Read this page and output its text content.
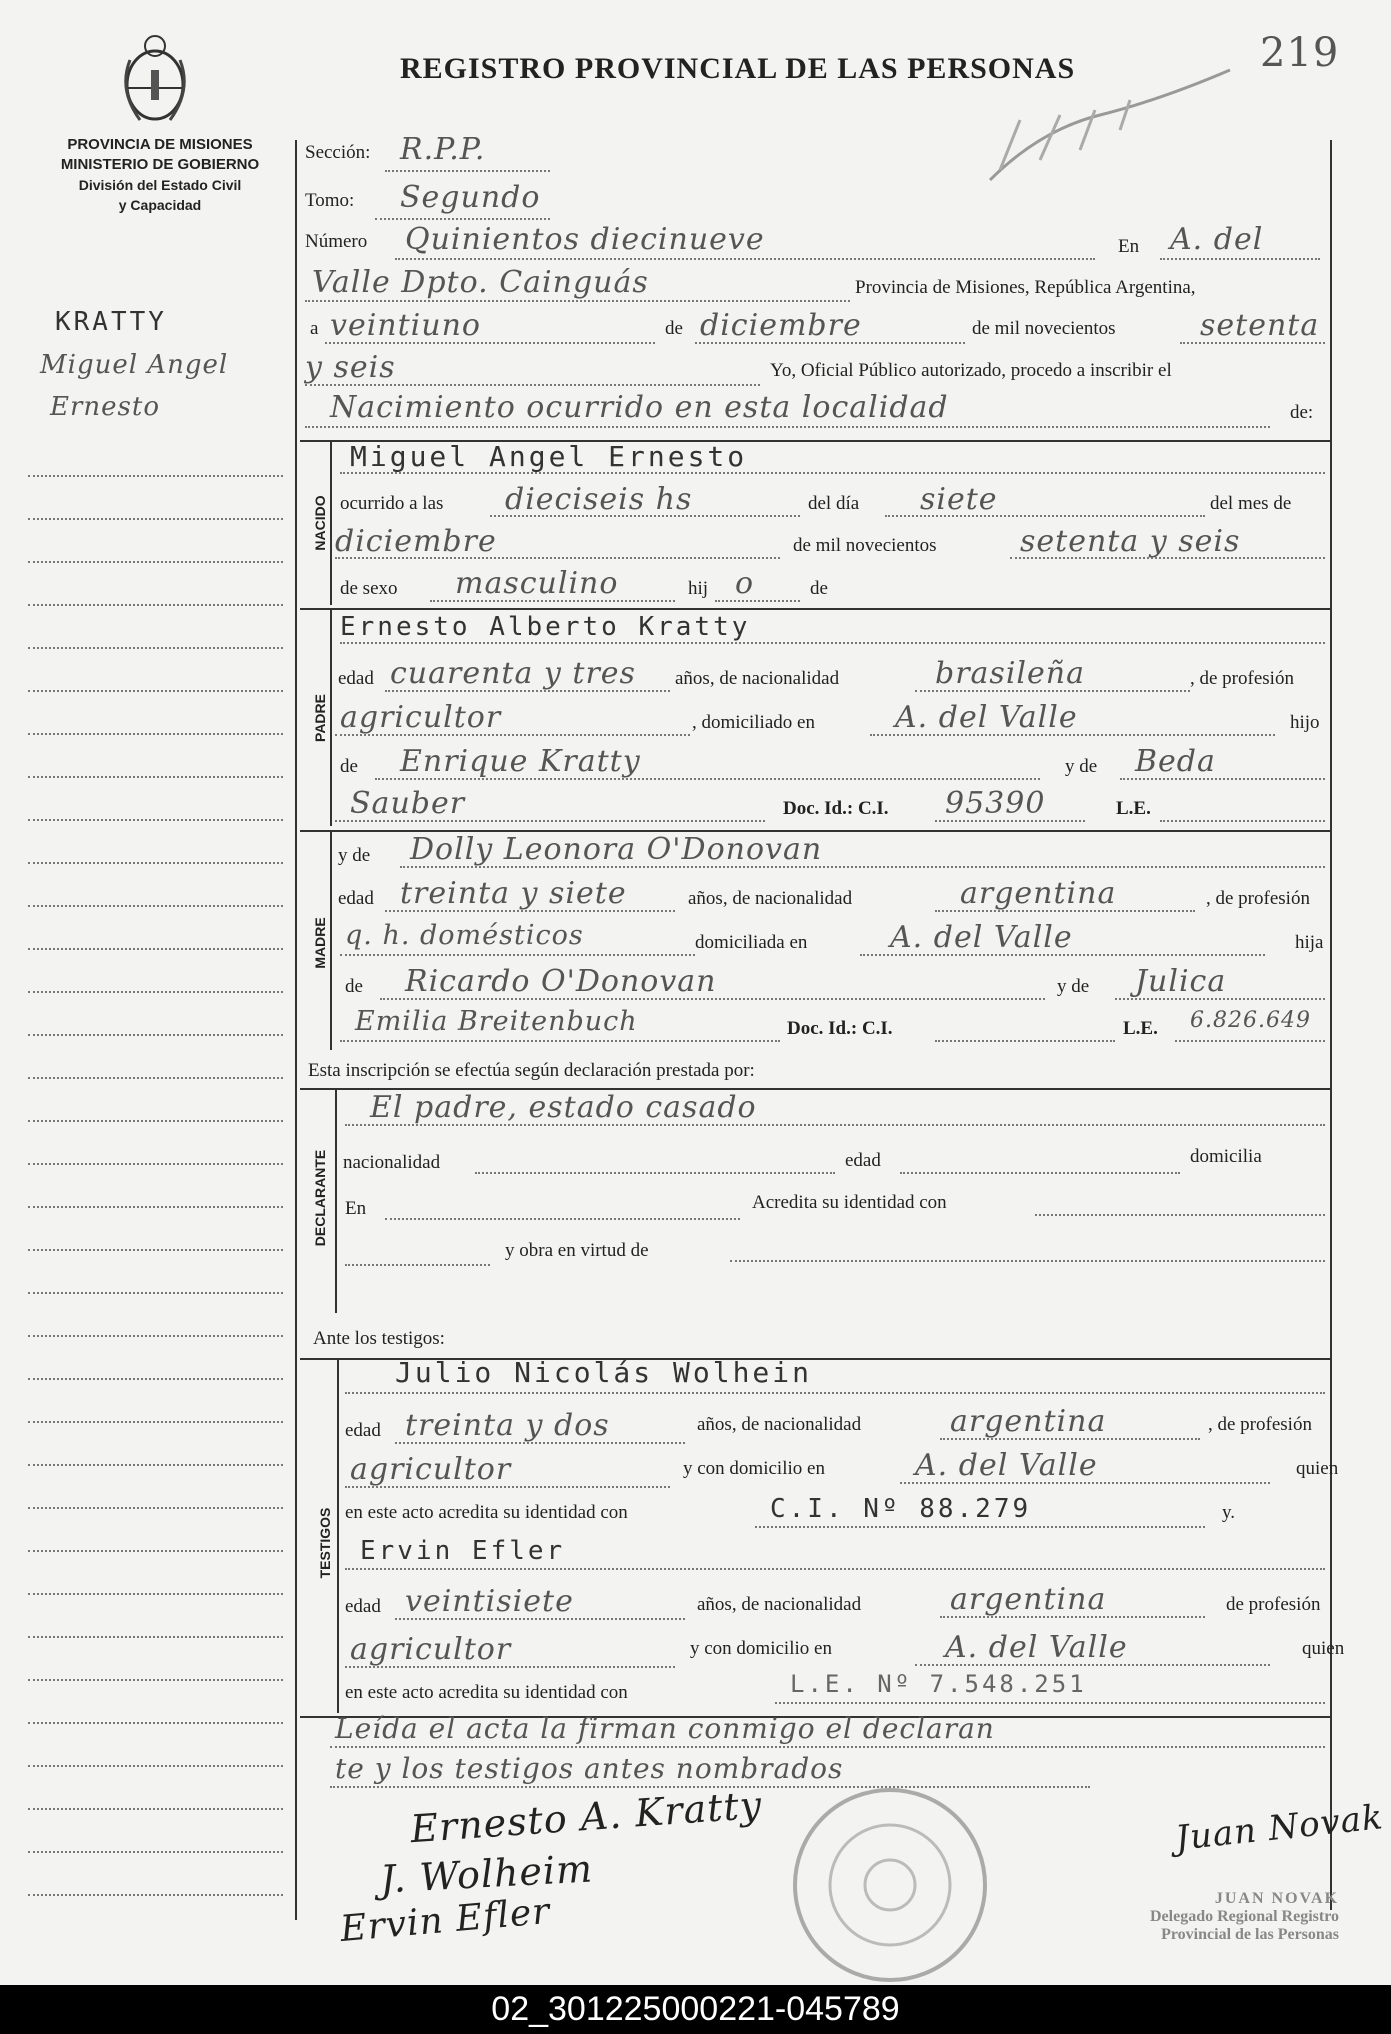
REGISTRO PROVINCIAL DE LAS PERSONAS	219
PROVINCIA DE MISIONES
MINISTERIO DE GOBIERNO
División del Estado Civil
y Capacidad
KRATTY
Miguel Angel
Ernesto
Sección: R.P.P.
Tomo: Segundo
Número Quinientos diecinueve	En A. del
Valle Dpto. Cainguás	Provincia de Misiones, República Argentina,
a veintiuno	de diciembre	de mil novecientos	setenta
y seis	Yo, Oficial Público autorizado, procedo a inscribir el
Nacimiento ocurrido en esta localidad	de:
NACIDO
Miguel Angel Ernesto
ocurrido a las dieciseis hs	del día siete	del mes de
diciembre	de mil novecientos	setenta y seis
de sexo masculino	hij o	de
PADRE
Ernesto Alberto Kratty
edad cuarenta y tres años, de nacionalidad	brasileña	, de profesión
agricultor	, domiciliado en	A. del Valle	hijo
de Enrique Kratty	y de Beda
Sauber	Doc. Id.: C.I. 95390	L.E.
MADRE
y de Dolly Leonora O'Donovan
edad treinta y siete	años, de nacionalidad	argentina	, de profesión
q. h. domésticos	domiciliada en	A. del Valle	hija
de Ricardo O'Donovan	y de Julica
Emilia Breitenbuch	Doc. Id.: C.I.	L.E. 6.826.649
Esta inscripción se efectúa según declaración prestada por:
DECLARANTE
El padre, estado casado
nacionalidad	edad	domicilia
En	Acredita su identidad con
y obra en virtud de
Ante los testigos:
TESTIGOS
Julio Nicolás Wolhein
edad treinta y dos	años, de nacionalidad	argentina	, de profesión
agricultor	y con domicilio en	A. del Valle	quien
en este acto acredita su identidad con	C.I. Nº 88.279	y.
Ervin Efler
edad veintisiete	años, de nacionalidad	argentina	de profesión
agricultor	y con domicilio en	A. del Valle	quien
en este acto acredita su identidad con	L.E. Nº 7.548.251
Leída el acta la firman conmigo el declaran
te y los testigos antes nombrados
Ernesto A. Kratty
J. Wolheim
Ervin Efler
Juan Novak
JUAN NOVAK
Delegado Regional Registro
Provincial de las Personas
02_301225000221-045789
